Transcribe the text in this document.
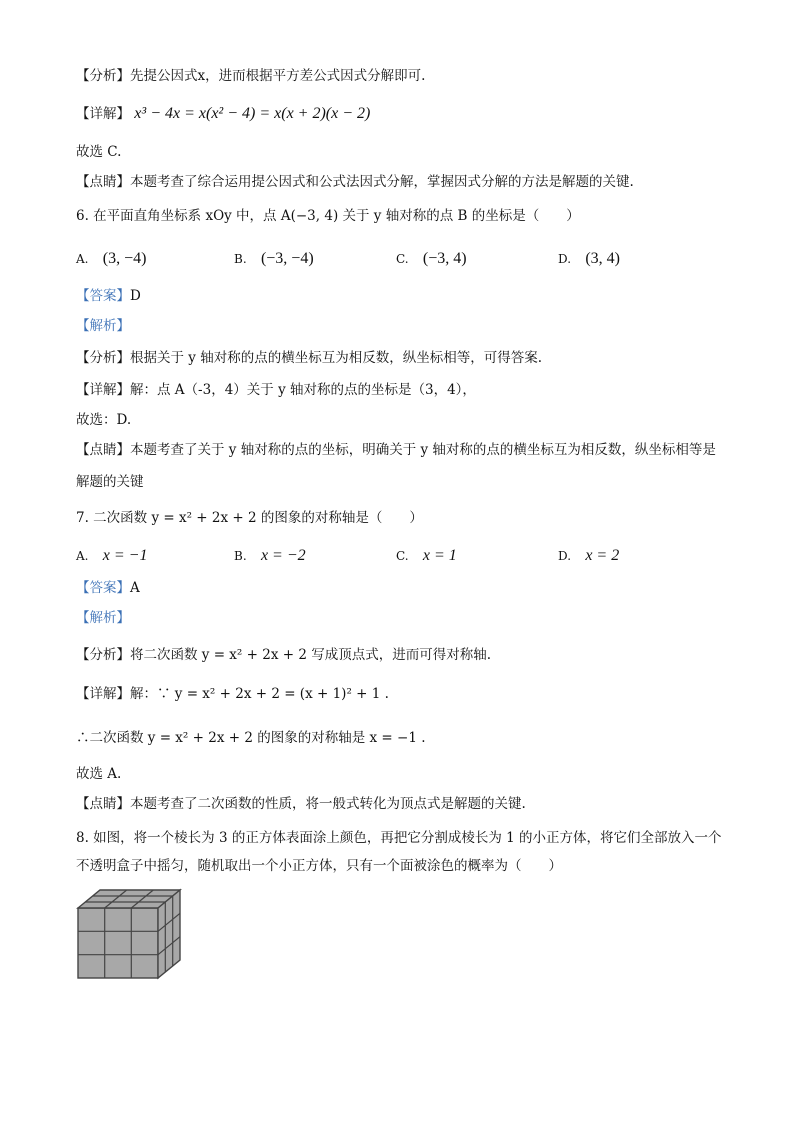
【分析】先提公因式x，进而根据平方差公式因式分解即可.
【详解】 x³ − 4x = x(x² − 4) = x(x + 2)(x − 2)
故选 C.
【点睛】本题考查了综合运用提公因式和公式法因式分解，掌握因式分解的方法是解题的关键.
6. 在平面直角坐标系 xOy 中，点 A(−3, 4) 关于 y 轴对称的点 B 的坐标是（　　）
A. (3, −4)	B. (−3, −4)	C. (−3, 4)	D. (3, 4)
【答案】D
【解析】
【分析】根据关于 y 轴对称的点的横坐标互为相反数，纵坐标相等，可得答案.
【详解】解：点 A（-3，4）关于 y 轴对称的点的坐标是（3，4），
故选：D.
【点睛】本题考查了关于 y 轴对称的点的坐标，明确关于 y 轴对称的点的横坐标互为相反数，纵坐标相等是
解题的关键
7. 二次函数 y = x² + 2x + 2 的图象的对称轴是（　　）
A. x = −1	B. x = −2	C. x = 1	D. x = 2
【答案】A
【解析】
【分析】将二次函数 y = x² + 2x + 2 写成顶点式，进而可得对称轴.
【详解】解：∵ y = x² + 2x + 2 = (x + 1)² + 1 .
∴二次函数 y = x² + 2x + 2 的图象的对称轴是 x = −1 .
故选 A.
【点睛】本题考查了二次函数的性质，将一般式转化为顶点式是解题的关键.
8. 如图，将一个棱长为 3 的正方体表面涂上颜色，再把它分割成棱长为 1 的小正方体，将它们全部放入一个不透明盒子中摇匀，随机取出一个小正方体，只有一个面被涂色的概率为（　　）
